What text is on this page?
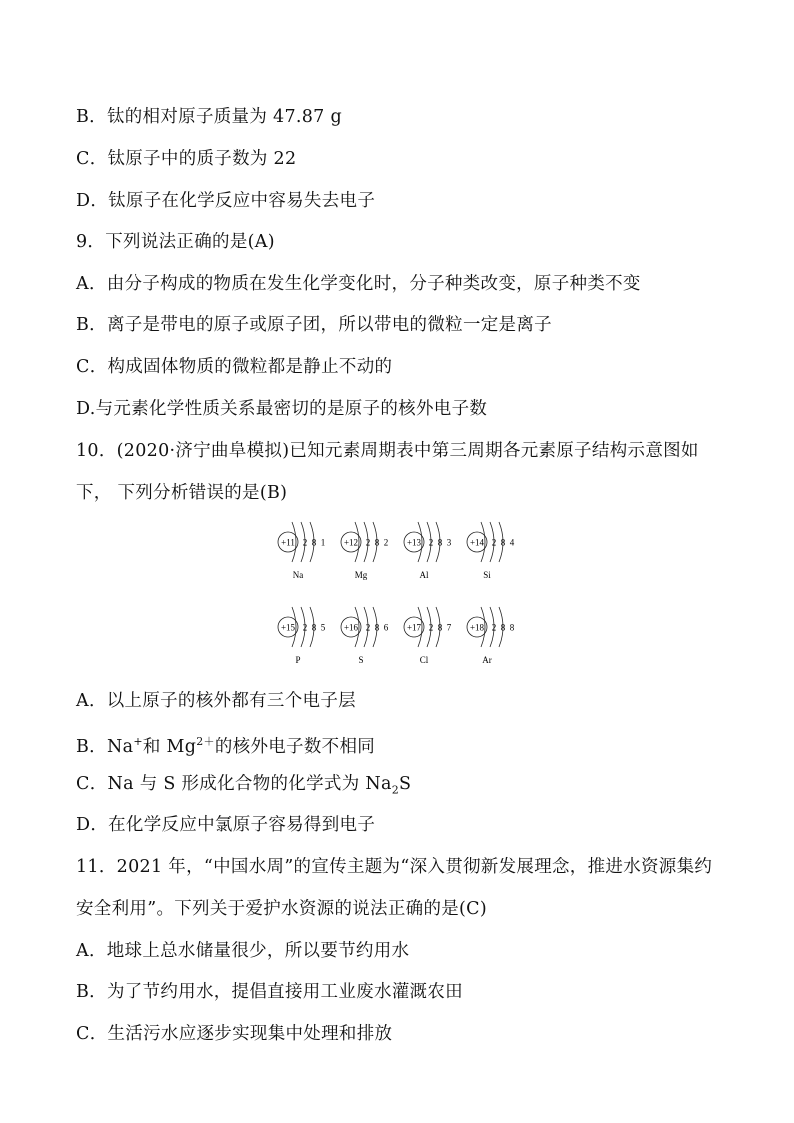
B．钛的相对原子质量为 47.87 g
C．钛原子中的质子数为 22
D．钛原子在化学反应中容易失去电子
9．下列说法正确的是(A)
A．由分子构成的物质在发生化学变化时，分子种类改变，原子种类不变
B．离子是带电的原子或原子团，所以带电的微粒一定是离子
C．构成固体物质的微粒都是静止不动的
D.与元素化学性质关系最密切的是原子的核外电子数
10．(2020·济宁曲阜模拟)已知元素周期表中第三周期各元素原子结构示意图如
下， 下列分析错误的是(B)
+11 2 8 1
Na
+12 2 8 2
Mg
+13 2 8 3
Al
+14 2 8 4
Si
+15 2 8 5
P
+16 2 8 6
S
+17 2 8 7
Cl
+18 2 8 8
Ar
A．以上原子的核外都有三个电子层
B．Na+和 $Mg^{2+}$的核外电子数不相同
C．Na 与 S 形成化合物的化学式为 $Na_2S$
D．在化学反应中氯原子容易得到电子
11．2021 年，“中国水周”的宣传主题为“深入贯彻新发展理念，推进水资源集约
安全利用”。下列关于爱护水资源的说法正确的是(C)
A．地球上总水储量很少，所以要节约用水
B．为了节约用水，提倡直接用工业废水灌溉农田
C．生活污水应逐步实现集中处理和排放
